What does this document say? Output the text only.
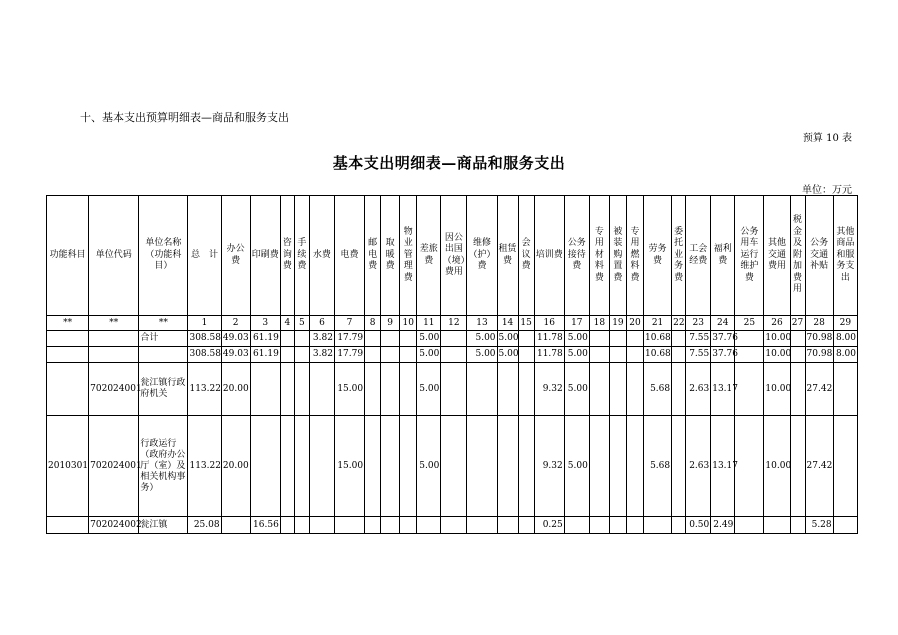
十、基本支出预算明细表—商品和服务支出
预算 10 表
基本支出明细表—商品和服务支出
单位：万元
功能科目	单位代码	单位名称（功能科目）	总　计	办公费	印刷费	咨询费	手续费	水费	电费	邮电费	取暖费	物业管理费	差旅费	因公出国（境）费用	维修（护）费	租赁费	会议费	培训费	公务接待费	专用材料费	被装购置费	专用燃料费	劳务费	委托业务费	工会经费	福利费	公务用车运行维护费	其他交通费用	税金及附加费用	公务交通补贴	其他商品和服务支出
**	**	**	1	2	3	4	5	6	7	8	9	10	11	12	13	14	15	16	17	18	19	20	21	22	23	24	25	26	27	28	29
		合计	308.58	49.03	61.19			3.82	17.79				5.00		5.00	5.00		11.78	5.00				10.68		7.55	37.76		10.00		70.98	8.00
			308.58	49.03	61.19			3.82	17.79				5.00		5.00	5.00		11.78	5.00				10.68		7.55	37.76		10.00		70.98	8.00
	702024001	瓮江镇行政府机关	113.22	20.00					15.00				5.00					9.32	5.00				5.68		2.63	13.17		10.00		27.42	
2010301	702024001	行政运行（政府办公厅（室）及相关机构事务）	113.22	20.00					15.00				5.00					9.32	5.00				5.68		2.63	13.17		10.00		27.42	
	702024002	瓮江镇	25.08		16.56													0.25							0.50	2.49				5.28	
